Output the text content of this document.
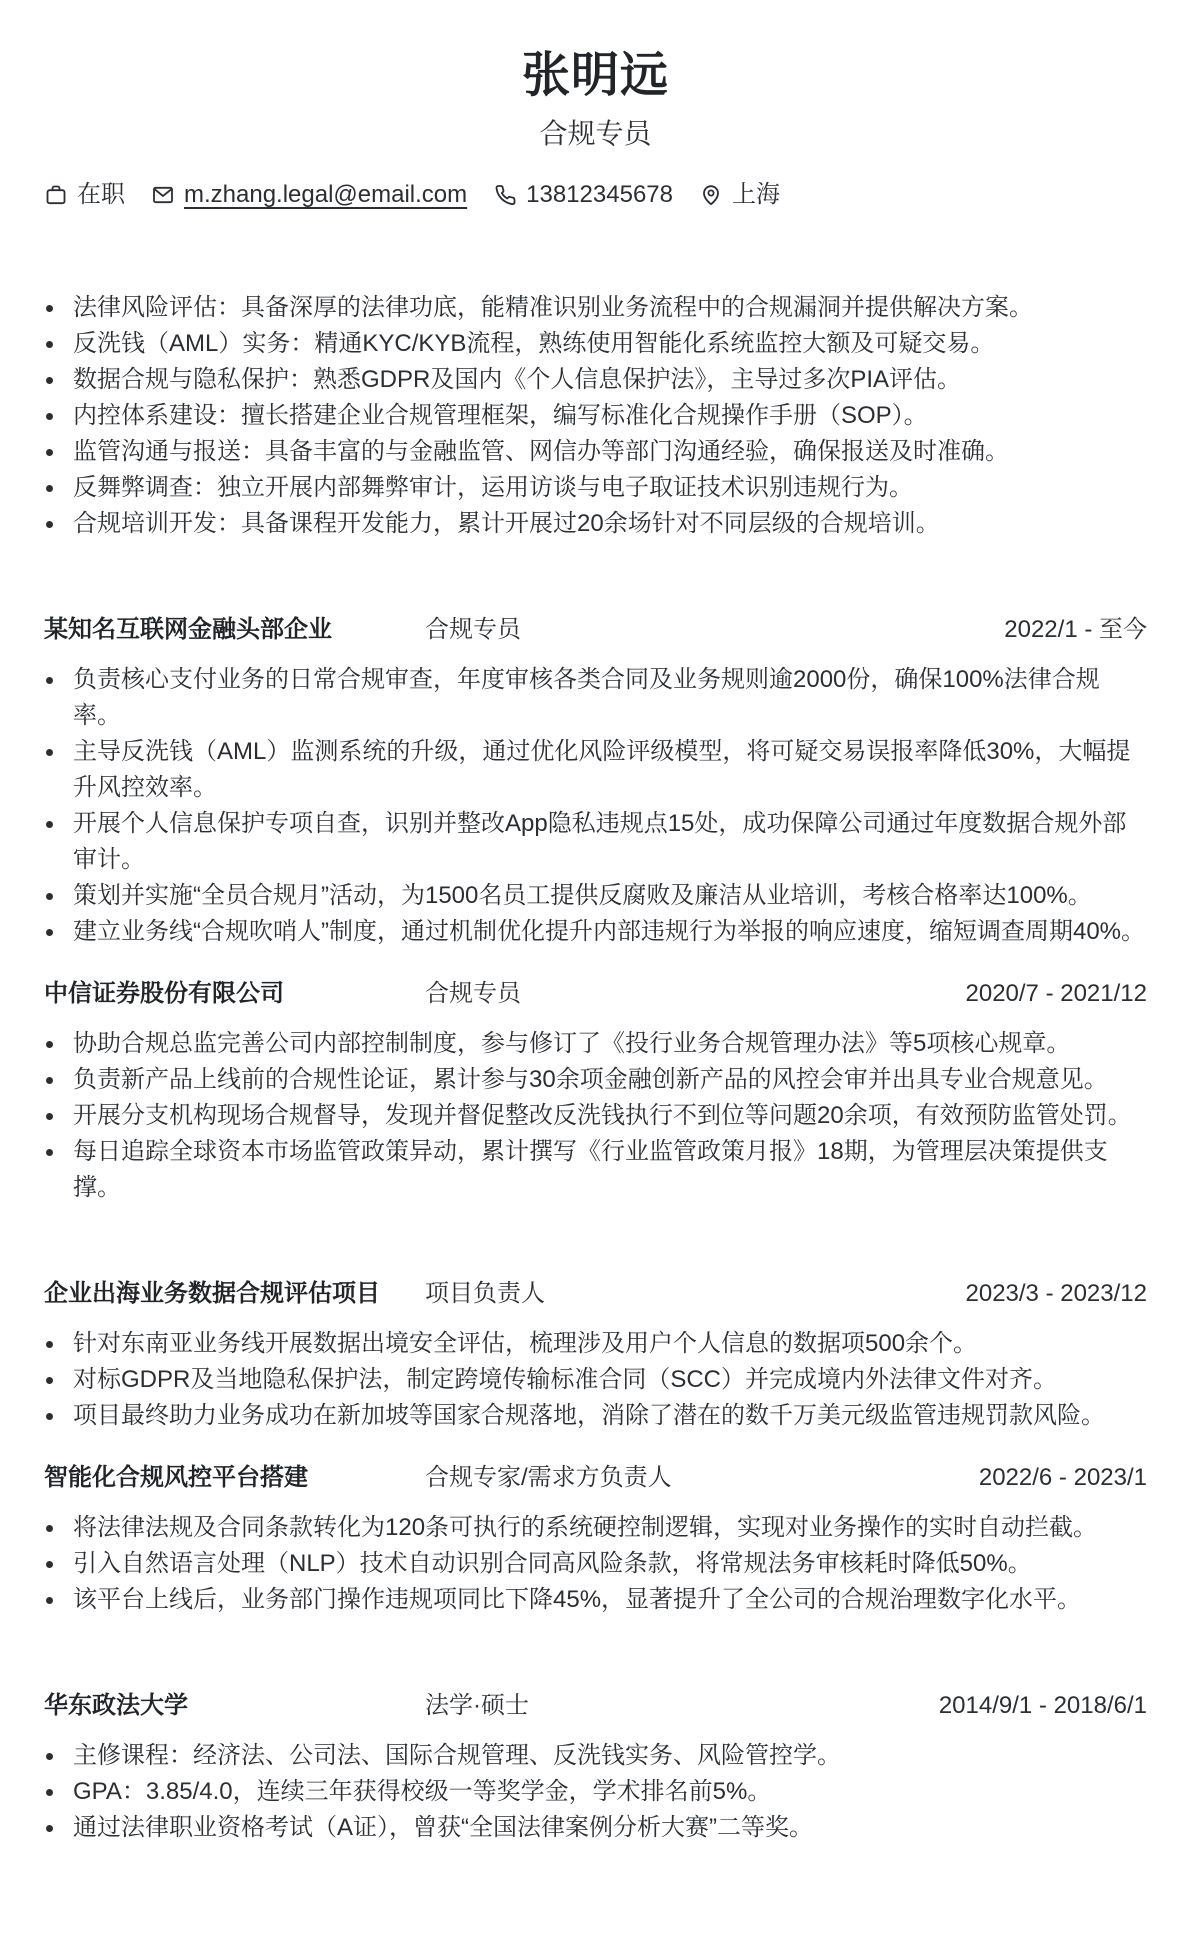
张明远
合规专员
在职 m.zhang.legal@email.com 13812345678 上海
法律风险评估：具备深厚的法律功底，能精准识别业务流程中的合规漏洞并提供解决方案。
反洗钱（AML）实务：精通KYC/KYB流程，熟练使用智能化系统监控大额及可疑交易。
数据合规与隐私保护：熟悉GDPR及国内《个人信息保护法》，主导过多次PIA评估。
内控体系建设：擅长搭建企业合规管理框架，编写标准化合规操作手册（SOP）。
监管沟通与报送：具备丰富的与金融监管、网信办等部门沟通经验，确保报送及时准确。
反舞弊调查：独立开展内部舞弊审计，运用访谈与电子取证技术识别违规行为。
合规培训开发：具备课程开发能力，累计开展过20余场针对不同层级的合规培训。
某知名互联网金融头部企业	合规专员	2022/1 - 至今
负责核心支付业务的日常合规审查，年度审核各类合同及业务规则逾2000份，确保100%法律合规率。
主导反洗钱（AML）监测系统的升级，通过优化风险评级模型，将可疑交易误报率降低30%，大幅提升风控效率。
开展个人信息保护专项自查，识别并整改App隐私违规点15处，成功保障公司通过年度数据合规外部审计。
策划并实施“全员合规月”活动，为1500名员工提供反腐败及廉洁从业培训，考核合格率达100%。
建立业务线“合规吹哨人”制度，通过机制优化提升内部违规行为举报的响应速度，缩短调查周期40%。
中信证券股份有限公司	合规专员	2020/7 - 2021/12
协助合规总监完善公司内部控制制度，参与修订了《投行业务合规管理办法》等5项核心规章。
负责新产品上线前的合规性论证，累计参与30余项金融创新产品的风控会审并出具专业合规意见。
开展分支机构现场合规督导，发现并督促整改反洗钱执行不到位等问题20余项，有效预防监管处罚。
每日追踪全球资本市场监管政策异动，累计撰写《行业监管政策月报》18期，为管理层决策提供支撑。
企业出海业务数据合规评估项目	项目负责人	2023/3 - 2023/12
针对东南亚业务线开展数据出境安全评估，梳理涉及用户个人信息的数据项500余个。
对标GDPR及当地隐私保护法，制定跨境传输标准合同（SCC）并完成境内外法律文件对齐。
项目最终助力业务成功在新加坡等国家合规落地，消除了潜在的数千万美元级监管违规罚款风险。
智能化合规风控平台搭建	合规专家/需求方负责人	2022/6 - 2023/1
将法律法规及合同条款转化为120条可执行的系统硬控制逻辑，实现对业务操作的实时自动拦截。
引入自然语言处理（NLP）技术自动识别合同高风险条款，将常规法务审核耗时降低50%。
该平台上线后，业务部门操作违规项同比下降45%，显著提升了全公司的合规治理数字化水平。
华东政法大学	法学·硕士	2014/9/1 - 2018/6/1
主修课程：经济法、公司法、国际合规管理、反洗钱实务、风险管控学。
GPA：3.85/4.0，连续三年获得校级一等奖学金，学术排名前5%。
通过法律职业资格考试（A证），曾获“全国法律案例分析大赛”二等奖。
